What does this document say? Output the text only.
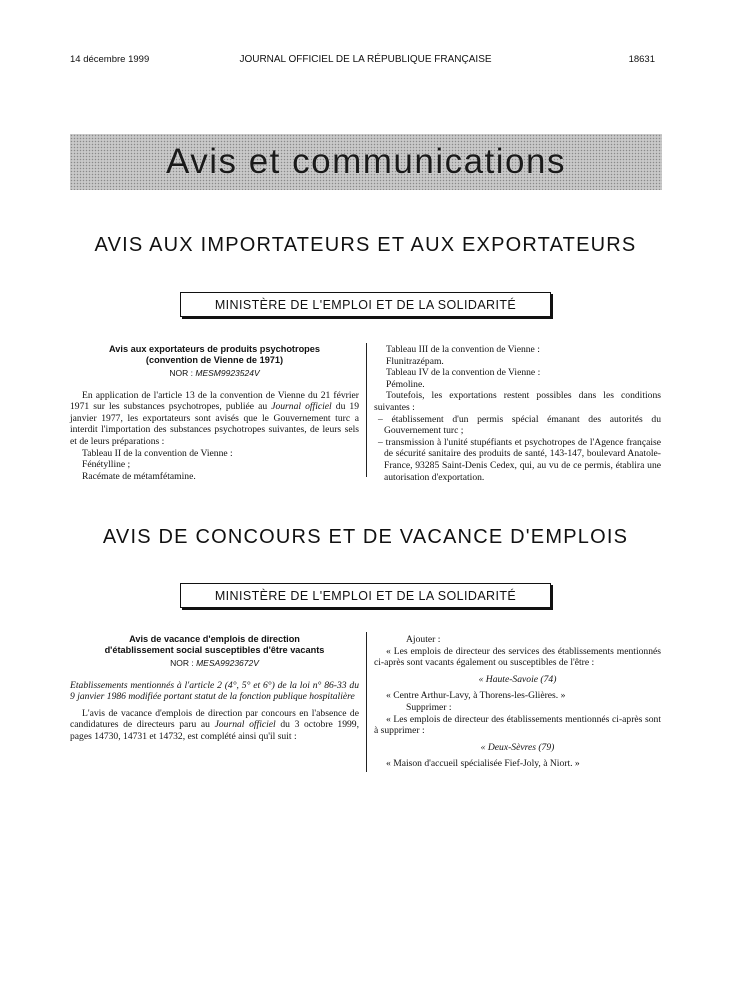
JOURNAL OFFICIEL DE LA RÉPUBLIQUE FRANÇAISE
14 décembre 1999	18631
Avis et communications
AVIS AUX IMPORTATEURS ET AUX EXPORTATEURS
MINISTÈRE DE L'EMPLOI ET DE LA SOLIDARITÉ
Avis aux exportateurs de produits psychotropes
(convention de Vienne de 1971)
NOR : MESM9923524V

En application de l'article 13 de la convention de Vienne du 21 février 1971 sur les substances psychotropes, publiée au Journal officiel du 19 janvier 1977, les exportateurs sont avisés que le Gouvernement turc a interdit l'importation des substances psychotropes suivantes, de leurs sels et de leurs préparations :

Tableau II de la convention de Vienne :

Fénétylline ;

Racémate de métamfétamine.

Tableau III de la convention de Vienne :

Flunitrazépam.

Tableau IV de la convention de Vienne :

Pémoline.

Toutefois, les exportations restent possibles dans les conditions suivantes :

– établissement d'un permis spécial émanant des autorités du Gouvernement turc ;

– transmission à l'unité stupéfiants et psychotropes de l'Agence française de sécurité sanitaire des produits de santé, 143-147, boulevard Anatole-France, 93285 Saint-Denis Cedex, qui, au vu de ce permis, établira une autorisation d'exportation.

AVIS DE CONCOURS ET DE VACANCE D'EMPLOIS
MINISTÈRE DE L'EMPLOI ET DE LA SOLIDARITÉ
Avis de vacance d'emplois de direction
d'établissement social susceptibles d'être vacants
NOR : MESA9923672V

Etablissements mentionnés à l'article 2 (4°, 5° et 6°) de la loi n° 86-33 du 9 janvier 1986 modifiée portant statut de la fonction publique hospitalière

L'avis de vacance d'emplois de direction par concours en l'absence de candidatures de directeurs paru au Journal officiel du 3 octobre 1999, pages 14730, 14731 et 14732, est complété ainsi qu'il suit :

Ajouter :

« Les emplois de directeur des services des établissements mentionnés ci-après sont vacants également ou susceptibles de l'être :

« Haute-Savoie (74)

« Centre Arthur-Lavy, à Thorens-les-Glières. »

Supprimer :

« Les emplois de directeur des établissements mentionnés ci-après sont à supprimer :

« Deux-Sèvres (79)

« Maison d'accueil spécialisée Fief-Joly, à Niort. »
